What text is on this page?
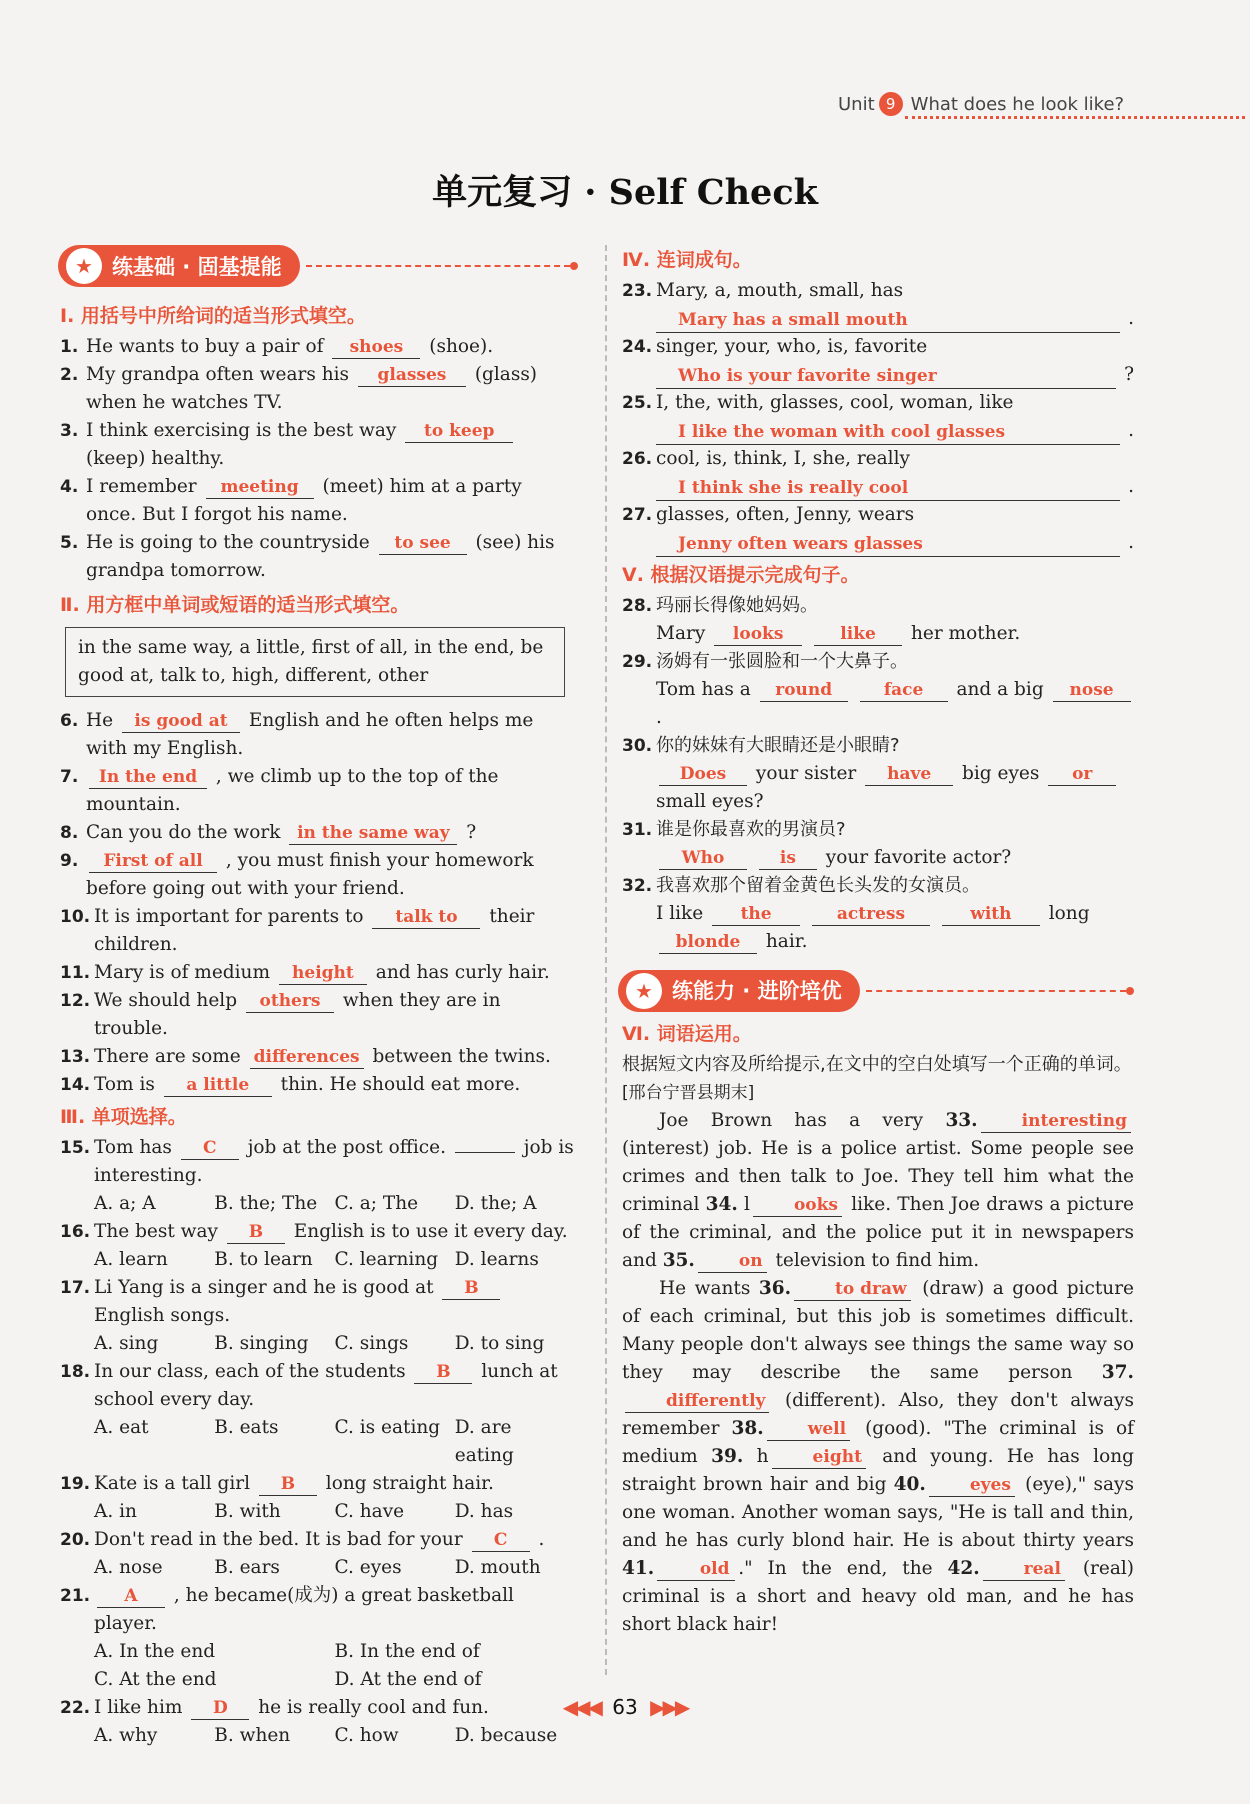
Unit 9 What does he look like?
单元复习 · Self Check
★ 练基础 · 固基提能
Ⅰ. 用括号中所给词的适当形式填空。
1. He wants to buy a pair of shoes (shoe).
2. My grandpa often wears his glasses (glass) when he watches TV.
3. I think exercising is the best way to keep (keep) healthy.
4. I remember meeting (meet) him at a party once. But I forgot his name.
5. He is going to the countryside to see (see) his grandpa tomorrow.
Ⅱ. 用方框中单词或短语的适当形式填空。
in the same way, a little, first of all, in the end, be good at, talk to, high, different, other
6. He is good at English and he often helps me with my English.
7. In the end , we climb up to the top of the mountain.
8. Can you do the work in the same way ?
9. First of all , you must finish your homework before going out with your friend.
10. It is important for parents to talk to their children.
11. Mary is of medium height and has curly hair.
12. We should help others when they are in trouble.
13. There are some differences between the twins.
14. Tom is a little thin. He should eat more.
Ⅲ. 单项选择。
15. Tom has C job at the post office.	job is interesting.
A. a; A	B. the; The C. a; The	D. the; A
16. The best way B English is to use it every day.
A. learn	B. to learn	C. learning D. learns
17. Li Yang is a singer and he is good at B English songs.
A. sing	B. singing	C. sings	D. to sing
18. In our class, each of the students B lunch at school every day.
A. eat	B. eats	C. is eating D. are eating
19. Kate is a tall girl B long straight hair.
A. in	B. with	C. have	D. has
20. Don't read in the bed. It is bad for your C .
A. nose	B. ears	C. eyes	D. mouth
21. A , he became(成为) a great basketball player.
A. In the end	B. In the end of
C. At the end	D. At the end of
22. I like him D he is really cool and fun.
A. why	B. when	C. how	D. because
Ⅳ. 连词成句。
23. Mary, a, mouth, small, has
Mary has a small mouth	.
24. singer, your, who, is, favorite
Who is your favorite singer	?
25. I, the, with, glasses, cool, woman, like
I like the woman with cool glasses	.
26. cool, is, think, I, she, really
I think she is really cool	.
27. glasses, often, Jenny, wears
Jenny often wears glasses	.
Ⅴ. 根据汉语提示完成句子。
28. 玛丽长得像她妈妈。
Mary looks	like her mother.
29. 汤姆有一张圆脸和一个大鼻子。
Tom has a round	face and a big nose.
30. 你的妹妹有大眼睛还是小眼睛?
Does your sister have big eyes or
small eyes?
31. 谁是你最喜欢的男演员?
Who	is your favorite actor?
32. 我喜欢那个留着金黄色长头发的女演员。
I like the	actress	with long
blonde hair.
★ 练能力 · 进阶培优
Ⅵ. 词语运用。
根据短文内容及所给提示,在文中的空白处填写一个正确的单词。
[邢台宁晋县期末]
Joe Brown has a very 33.	interesting (interest) job. He is a police artist. Some people see crimes and then talk to Joe. They tell him what the criminal 34. l	ooks like. Then Joe draws a picture of the criminal, and the police put it in newspapers and 35.	on television to find him.
He wants 36.	to draw (draw) a good picture of each criminal, but this job is sometimes difficult. Many people don't always see things the same way so they may describe the same person 37.differently (different). Also, they don't always remember 38.	well (good). "The criminal is of medium 39. h	eight and young. He has long straight brown hair and big 40.	eyes (eye)," says one woman. Another woman says, "He is tall and thin, and he has curly blond hair. He is about thirty years 41.	old ." In the end, the 42.	real (real) criminal is a short and heavy old man, and he has short black hair!
◀◀◀ 63 ▶▶▶
